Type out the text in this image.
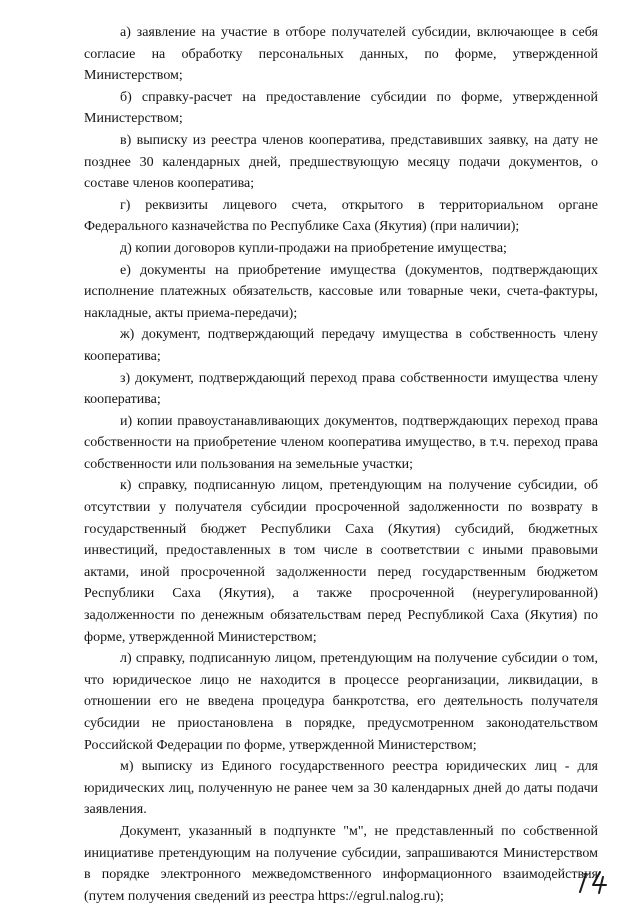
а) заявление на участие в отборе получателей субсидии, включающее в себя согласие на обработку персональных данных, по форме, утвержденной Министерством;

б) справку-расчет на предоставление субсидии по форме, утвержденной Министерством;

в) выписку из реестра членов кооператива, представивших заявку, на дату не позднее 30 календарных дней, предшествующую месяцу подачи документов, о составе членов кооператива;

г) реквизиты лицевого счета, открытого в территориальном органе Федерального казначейства по Республике Саха (Якутия) (при наличии);

д) копии договоров купли-продажи на приобретение имущества;

е) документы на приобретение имущества (документов, подтверждающих исполнение платежных обязательств, кассовые или товарные чеки, счета-фактуры, накладные, акты приема-передачи);

ж) документ, подтверждающий передачу имущества в собственность члену кооператива;

з) документ, подтверждающий переход права собственности имущества члену кооператива;

и) копии правоустанавливающих документов, подтверждающих переход права собственности на приобретение членом кооператива имущество, в т.ч. переход права собственности или пользования на земельные участки;

к) справку, подписанную лицом, претендующим на получение субсидии, об отсутствии у получателя субсидии просроченной задолженности по возврату в государственный бюджет Республики Саха (Якутия) субсидий, бюджетных инвестиций, предоставленных в том числе в соответствии с иными правовыми актами, иной просроченной задолженности перед государственным бюджетом Республики Саха (Якутия), а также просроченной (неурегулированной) задолженности по денежным обязательствам перед Республикой Саха (Якутия) по форме, утвержденной Министерством;

л) справку, подписанную лицом, претендующим на получение субсидии о том, что юридическое лицо не находится в процессе реорганизации, ликвидации, в отношении его не введена процедура банкротства, его деятельность получателя субсидии не приостановлена в порядке, предусмотренном законодательством Российской Федерации по форме, утвержденной Министерством;

м) выписку из Единого государственного реестра юридических лиц - для юридических лиц, полученную не ранее чем за 30 календарных дней до даты подачи заявления.

Документ, указанный в подпункте "м", не представленный по собственной инициативе претендующим на получение субсидии, запрашиваются Министерством в порядке электронного межведомственного информационного взаимодействия (путем получения сведений из реестра https://egrul.nalog.ru);
